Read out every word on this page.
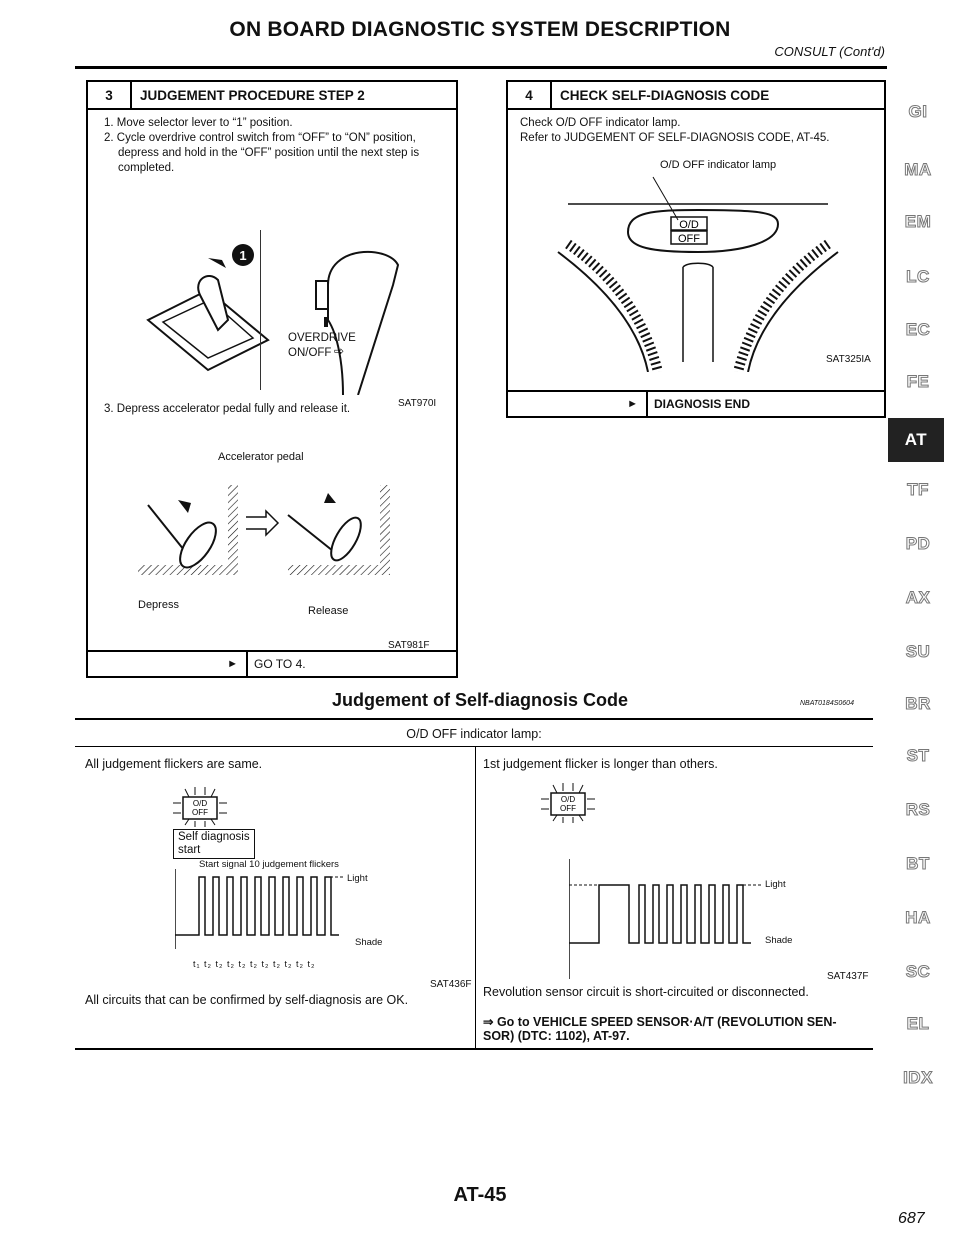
ON BOARD DIAGNOSTIC SYSTEM DESCRIPTION
CONSULT (Cont'd)
3	JUDGEMENT PROCEDURE STEP 2
1. Move selector lever to “1” position.
2. Cycle overdrive control switch from “OFF” to “ON” position,
depress and hold in the “OFF” position until the next step is
completed.
1
OVERDRIVE
ON/OFF ⇨
SAT970I
3. Depress accelerator pedal fully and release it.
Accelerator pedal
Depress	Release
SAT981F
►	GO TO 4.
4	CHECK SELF-DIAGNOSIS CODE
Check O/D OFF indicator lamp.
Refer to JUDGEMENT OF SELF-DIAGNOSIS CODE, AT-45.
O/D OFF indicator lamp
O/D
OFF
SAT325IA
►	DIAGNOSIS END
GI
MA
EM
LC
EC
FE
AT
TF
PD
AX
SU
BR
ST
RS
BT
HA
SC
EL
IDX
Judgement of Self-diagnosis Code	NBAT0184S0604
O/D OFF indicator lamp:
All judgement flickers are same.
O/D
OFF
Self diagnosis
start
Start signal 10 judgement flickers
Light
Shade
t₁ t₂ t₂ t₂ t₂ t₂ t₂ t₂ t₂ t₂ t₂
SAT436F
All circuits that can be confirmed by self-diagnosis are OK.
1st judgement flicker is longer than others.
O/D
OFF
Light
Shade
SAT437F
Revolution sensor circuit is short-circuited or disconnected.
⇒ Go to VEHICLE SPEED SENSOR·A/T (REVOLUTION SEN-
SOR) (DTC: 1102), AT-97.
AT-45
687
